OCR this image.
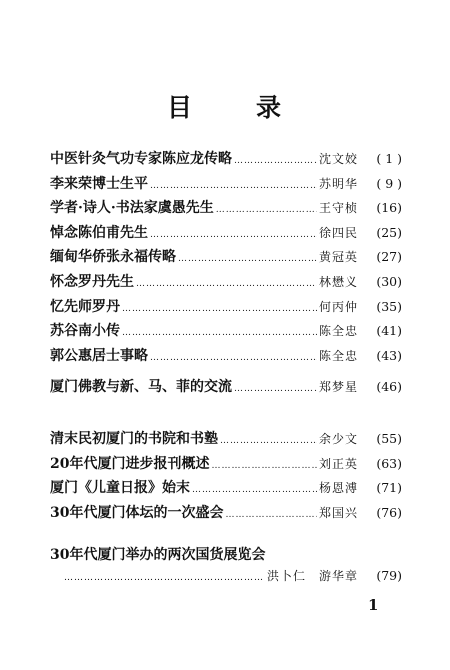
目 录
中医针灸气功专家陈应龙传略 ……………………………………………………………………………………………………………………………………	沈文姣	( 1 )
李来荣博士生平 ……………………………………………………………………………………………………………………………………	苏明华	( 9 )
学者·诗人·书法家虞愚先生 ……………………………………………………………………………………………………………………………………	王守桢	(16)
悼念陈伯甫先生 ……………………………………………………………………………………………………………………………………	徐四民	(25)
缅甸华侨张永福传略 ……………………………………………………………………………………………………………………………………	黄冠英	(27)
怀念罗丹先生 ……………………………………………………………………………………………………………………………………	林懋义	(30)
忆先师罗丹 ……………………………………………………………………………………………………………………………………	何丙仲	(35)
苏谷南小传 ……………………………………………………………………………………………………………………………………	陈全忠	(41)
郭公惠居士事略 ……………………………………………………………………………………………………………………………………	陈全忠	(43)
厦门佛教与新、马、菲的交流 ……………………………………………………………………………………………………………………………………	郑梦星	(46)
清末民初厦门的书院和书塾 ……………………………………………………………………………………………………………………………………	余少文	(55)
20年代厦门进步报刊概述 ……………………………………………………………………………………………………………………………………	刘正英	(63)
厦门《儿童日报》始末 ……………………………………………………………………………………………………………………………………	杨恩溥	(71)
30年代厦门体坛的一次盛会 ……………………………………………………………………………………………………………………………………	郑国兴	(76)
30年代厦门举办的两次国货展览会
………………………………………………………………………………………………………
洪卜仁　游华章	(79)
1
